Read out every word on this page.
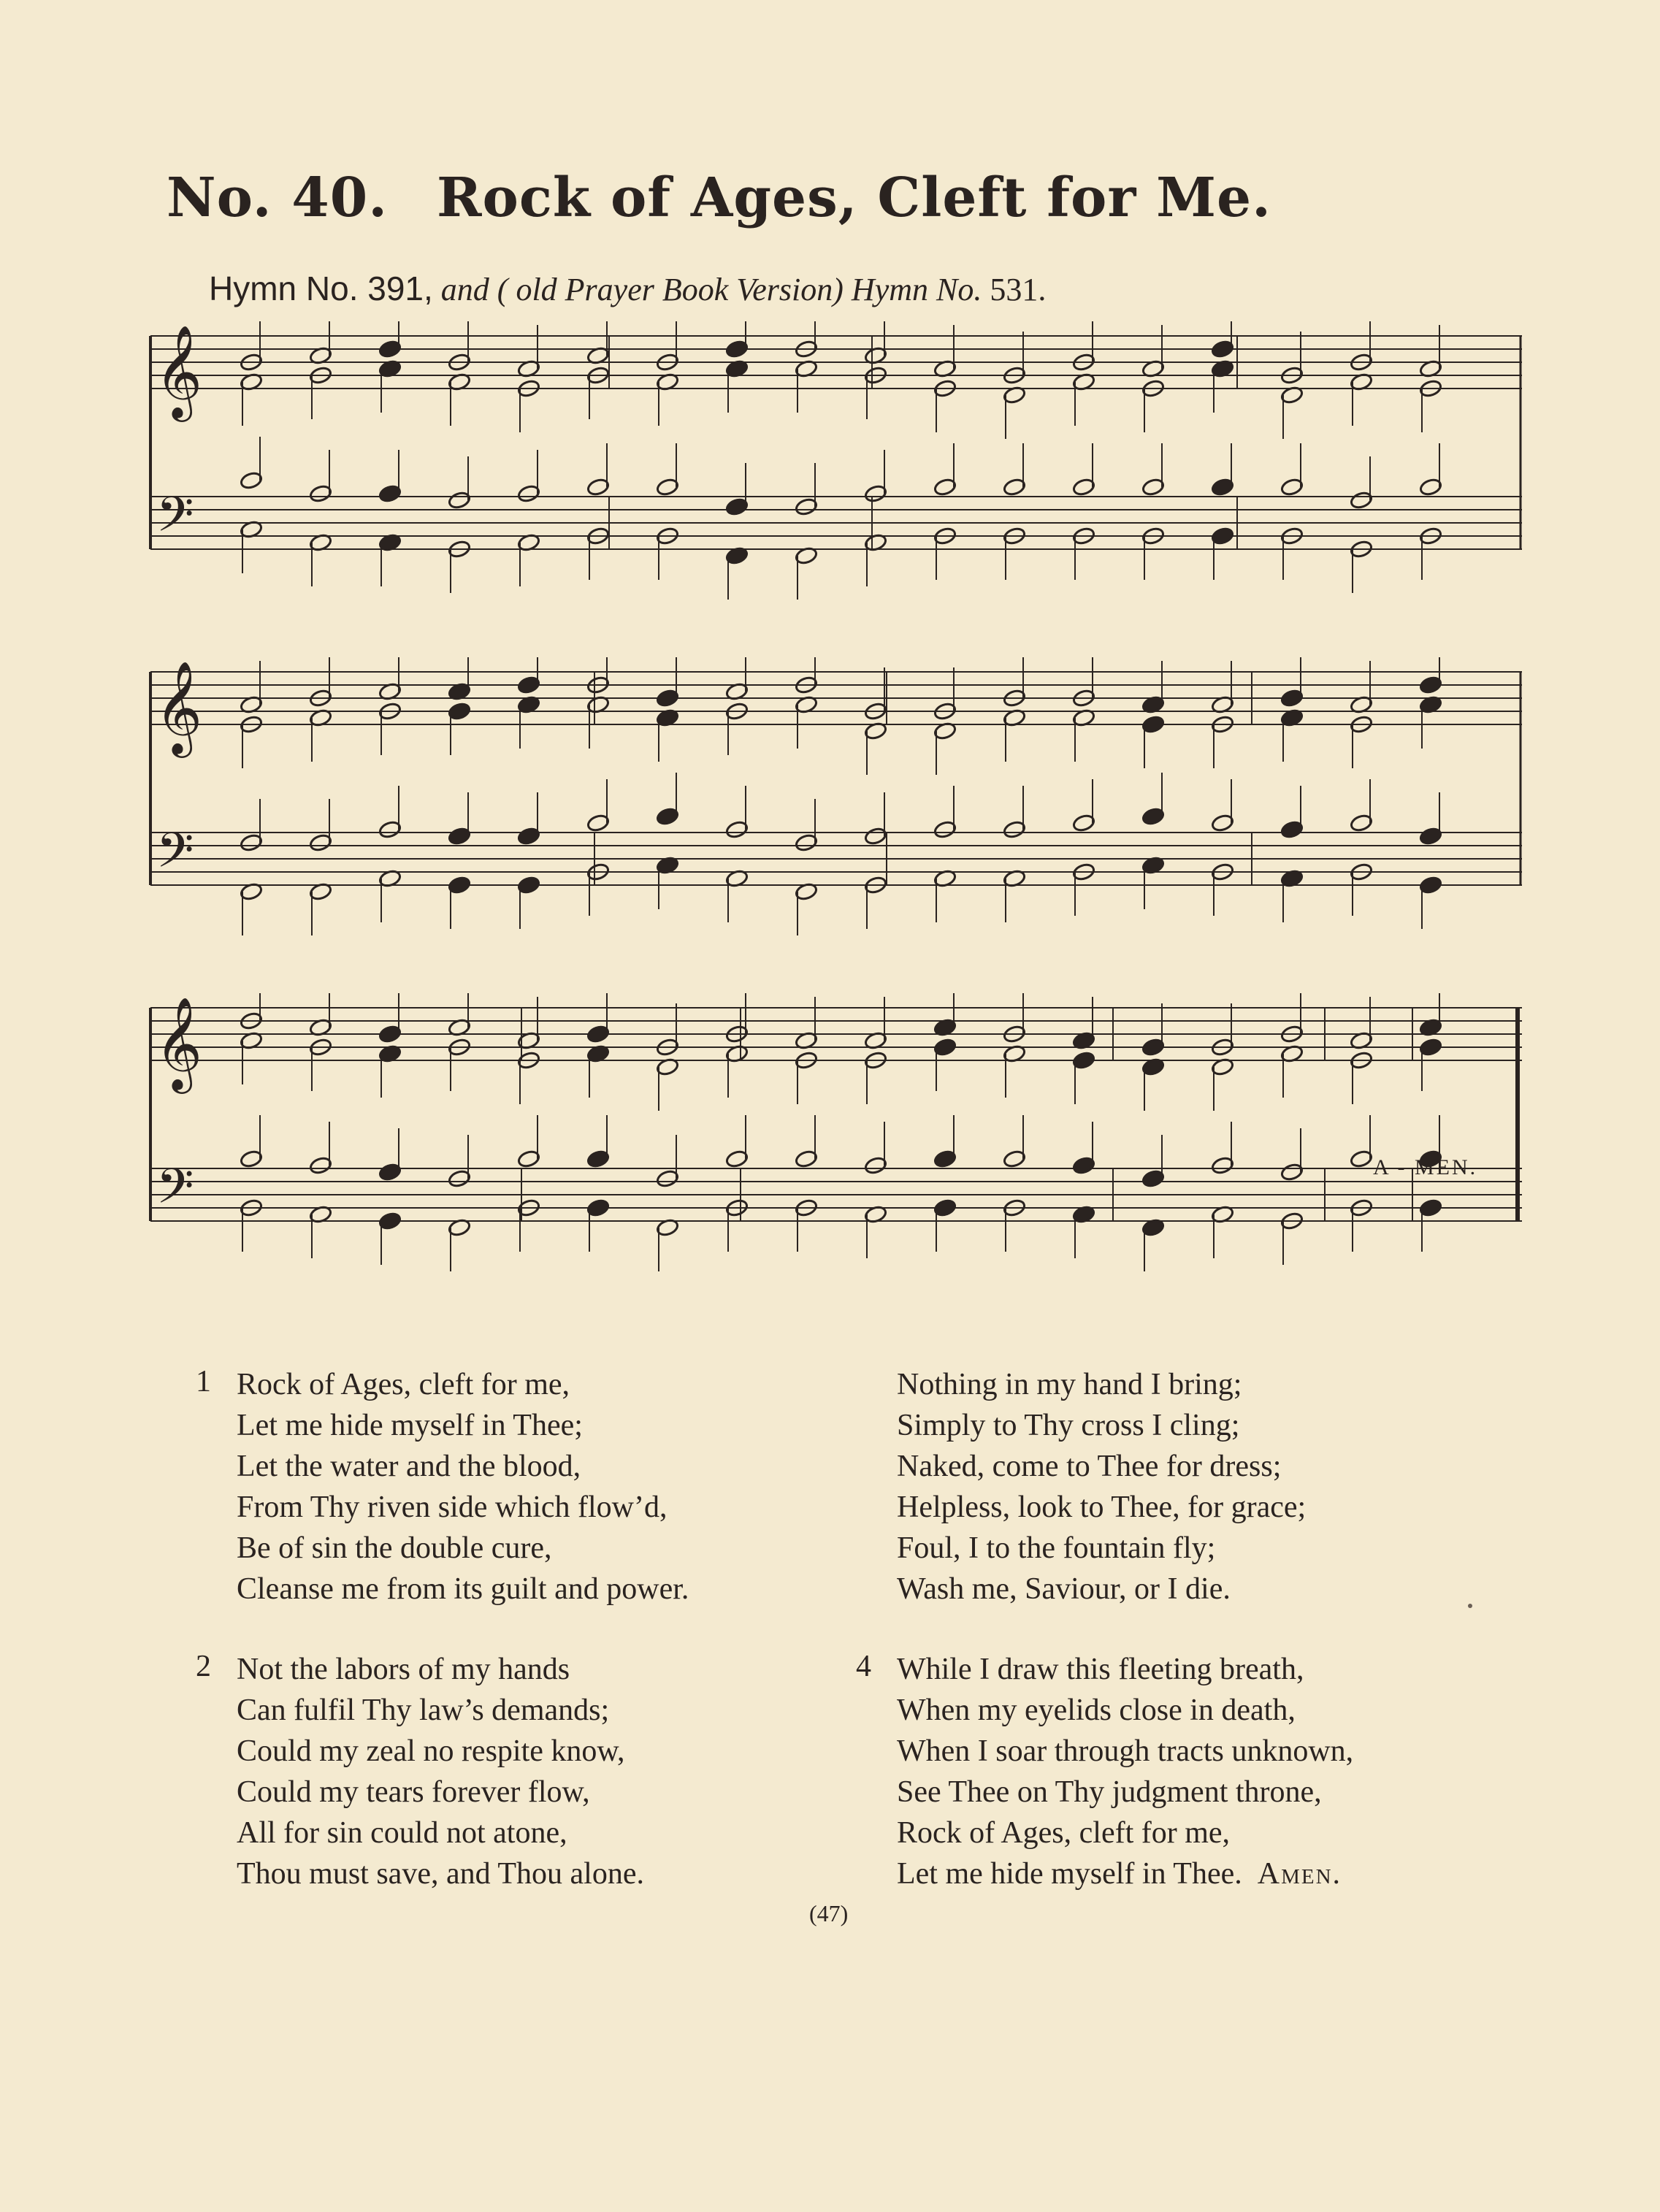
No. 40. Rock of Ages, Cleft for Me.
Hymn No. 391, and ( old Prayer Book Version) Hymn No. 531.
𝄞
𝄢
𝄞
𝄢
𝄞
𝄢	A - MEN.
1 Rock of Ages, cleft for me,
Let me hide myself in Thee;
Let the water and the blood,
From Thy riven side which flow’d,
Be of sin the double cure,
Cleanse me from its guilt and power.
Nothing in my hand I bring;
Simply to Thy cross I cling;
Naked, come to Thee for dress;
Helpless, look to Thee, for grace;
Foul, I to the fountain fly;
Wash me, Saviour, or I die.
2 Not the labors of my hands
Can fulfil Thy law’s demands;
Could my zeal no respite know,
Could my tears forever flow,
All for sin could not atone,
Thou must save, and Thou alone.
4 While I draw this fleeting breath,
When my eyelids close in death,
When I soar through tracts unknown,
See Thee on Thy judgment throne,
Rock of Ages, cleft for me,
Let me hide myself in Thee. Amen.
(47)
